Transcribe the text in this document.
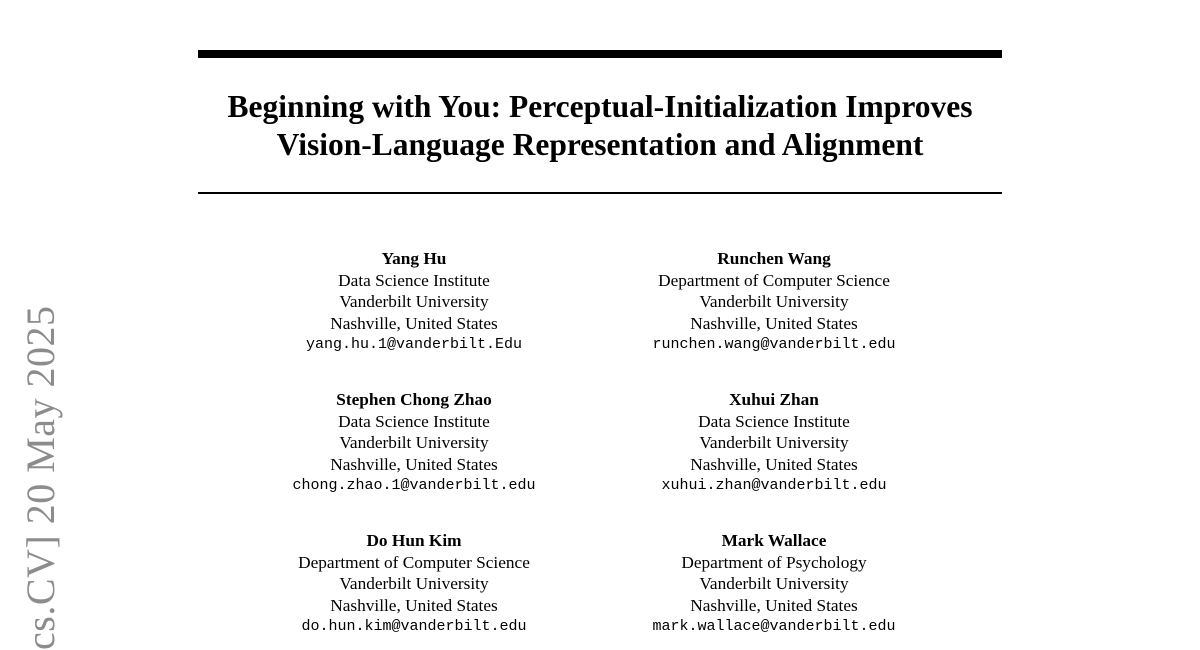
Beginning with You: Perceptual-Initialization Improves
Vision-Language Representation and Alignment
Yang Hu
Data Science Institute
Vanderbilt University
Nashville, United States
yang.hu.1@vanderbilt.Edu
Runchen Wang
Department of Computer Science
Vanderbilt University
Nashville, United States
runchen.wang@vanderbilt.edu
Stephen Chong Zhao
Data Science Institute
Vanderbilt University
Nashville, United States
chong.zhao.1@vanderbilt.edu
Xuhui Zhan
Data Science Institute
Vanderbilt University
Nashville, United States
xuhui.zhan@vanderbilt.edu
Do Hun Kim
Department of Computer Science
Vanderbilt University
Nashville, United States
do.hun.kim@vanderbilt.edu
Mark Wallace
Department of Psychology
Vanderbilt University
Nashville, United States
mark.wallace@vanderbilt.edu
cs.CV] 20 May 2025
